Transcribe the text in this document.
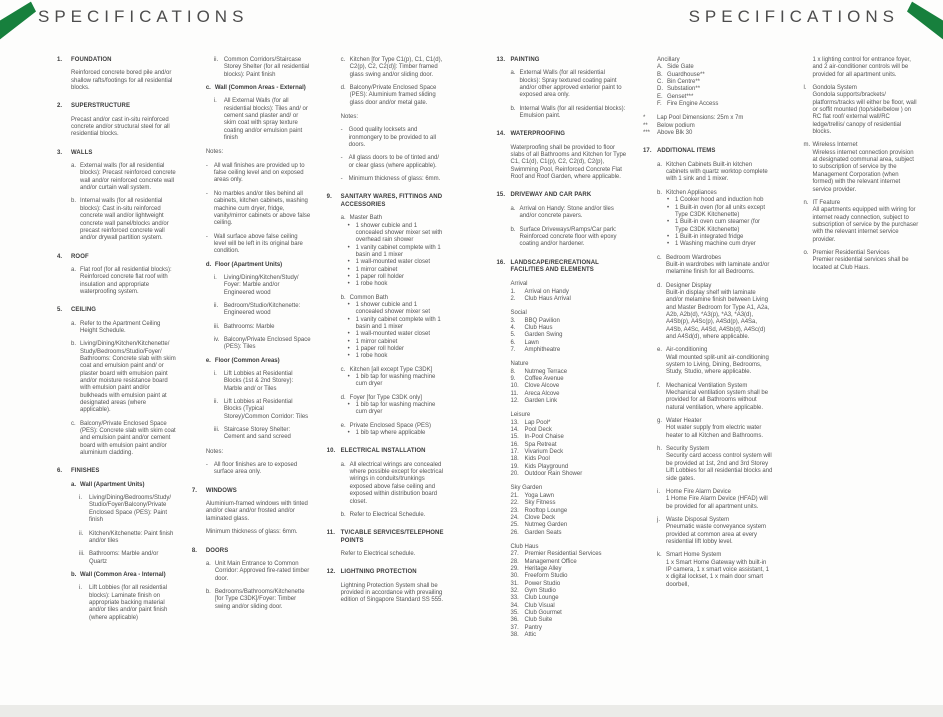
SPECIFICATIONS
1. FOUNDATION
Reinforced concrete bored pile and/or shallow rafts/footings for all residential blocks.
2. SUPERSTRUCTURE
Precast and/or cast in-situ reinforced concrete and/or structural steel for all residential blocks.
3. WALLS
a. External walls (for all residential blocks): Precast reinforced concrete wall and/or reinforced concrete wall and/or curtain wall system.
b. Internal walls (for all residential blocks): Cast in-situ reinforced concrete wall and/or lightweight concrete wall panel/blocks and/or precast reinforced concrete wall and/or drywall partition system.
4. ROOF
a. Flat roof (for all residential blocks): Reinforced concrete flat roof with insulation and appropriate waterproofing system.
5. CEILING
a. Refer to the Apartment Ceiling Height Schedule.
b. Living/Dining/Kitchen/Kitchenette/ Study/Bedrooms/Studio/Foyer/ Bathrooms: Concrete slab with skim coat and emulsion paint and/ or plaster board with emulsion paint and/or moisture resistance board with emulsion paint and/or bulkheads with emulsion paint at designated areas (where applicable).
c. Balcony/Private Enclosed Space (PES): Concrete slab with skim coat and emulsion paint and/or cement board with emulsion paint and/or aluminium cladding.
6. FINISHES
a. Wall (Apartment Units)
i. Living/Dining/Bedrooms/Study/ Studio/Foyer/Balcony/Private Enclosed Space (PES): Paint finish
ii. Kitchen/Kitchenette: Paint finish and/or tiles
iii. Bathrooms: Marble and/or Quartz
b. Wall (Common Area - Internal)
i. Lift Lobbies (for all residential blocks): Laminate finish on appropriate backing material and/or tiles and/or paint finish (where applicable)
ii. Common Corridors/Staircase Storey Shelter (for all residential blocks): Paint finish
c. Wall (Common Areas - External)
i. All External Walls (for all residential blocks): Tiles and/ or cement sand plaster and/ or skim coat with spray texture coating and/or emulsion paint finish
Notes:
- All wall finishes are provided up to false ceiling level and on exposed areas only.
- No marbles and/or tiles behind all cabinets, kitchen cabinets, washing machine cum dryer, fridge, vanity/mirror cabinets or above false ceiling.
- Wall surface above false ceiling level will be left in its original bare condition.
d. Floor (Apartment Units)
i. Living/Dining/Kitchen/Study/ Foyer: Marble and/or Engineered wood
ii. Bedroom/Studio/Kitchenette: Engineered wood
iii. Bathrooms: Marble
iv. Balcony/Private Enclosed Space (PES): Tiles
e. Floor (Common Areas)
i. Lift Lobbies at Residential Blocks (1st & 2nd Storey): Marble and/ or Tiles
ii. Lift Lobbies at Residential Blocks (Typical Storey)/Common Corridor: Tiles
iii. Staircase Storey Shelter: Cement and sand screed
Notes:
- All floor finishes are to exposed surface area only.
7. WINDOWS
Aluminium-framed windows with tinted and/or clear and/or frosted and/or laminated glass.
Minimum thickness of glass: 6mm.
8. DOORS
a. Unit Main Entrance to Common Corridor: Approved fire-rated timber door.
b. Bedrooms/Bathrooms/Kitchenette [for Type C3DK]/Foyer: Timber swing and/or sliding door.
c. Kitchen [for Type C1(p), C1, C1(d), C2(p), C2, C2(d)]: Timber framed glass swing and/or sliding door.
d. Balcony/Private Enclosed Space (PES): Aluminium framed sliding glass door and/or metal gate.
Notes:
- Good quality locksets and ironmongery to be provided to all doors.
- All glass doors to be of tinted and/ or clear glass (where applicable).
- Minimum thickness of glass: 6mm.
9. SANITARY WARES, FITTINGS AND ACCESSORIES
a. Master Bath
• 1 shower cubicle and 1 concealed shower mixer set with overhead rain shower
• 1 vanity cabinet complete with 1 basin and 1 mixer
• 1 wall-mounted water closet
• 1 mirror cabinet
• 1 paper roll holder
• 1 robe hook
b. Common Bath
• 1 shower cubicle and 1 concealed shower mixer set
• 1 vanity cabinet complete with 1 basin and 1 mixer
• 1 wall-mounted water closet
• 1 mirror cabinet
• 1 paper roll holder
• 1 robe hook
c. Kitchen [all except Type C3DK]
• 1 bib tap for washing machine cum dryer
d. Foyer [for Type C3DK only]
• 1 bib tap for washing machine cum dryer
e. Private Enclosed Space (PES)
• 1 bib tap where applicable
10. ELECTRICAL INSTALLATION
a. All electrical wirings are concealed where possible except for electrical wirings in conduits/trunkings exposed above false ceiling and exposed within distribution board closet.
b. Refer to Electrical Schedule.
11. TV/CABLE SERVICES/TELEPHONE POINTS
Refer to Electrical schedule.
12. LIGHTNING PROTECTION
Lightning Protection System shall be provided in accordance with prevailing edition of Singapore Standard SS 555.
SPECIFICATIONS
13. PAINTING
a. External Walls (for all residential blocks): Spray textured coating paint and/or other approved exterior paint to exposed area only.
b. Internal Walls (for all residential blocks): Emulsion paint.
14. WATERPROOFING
Waterproofing shall be provided to floor slabs of all Bathrooms and Kitchen for Type C1, C1(d), C1(p), C2, C2(d), C2(p), Swimming Pool, Reinforced Concrete Flat Roof and Roof Garden, where applicable.
15. DRIVEWAY AND CAR PARK
a. Arrival on Handy: Stone and/or tiles and/or concrete pavers.
b. Surface Driveways/Ramps/Car park: Reinforced concrete floor with epoxy coating and/or hardener.
16. LANDSCAPE/RECREATIONAL FACILITIES AND ELEMENTS
Arrival
1. Arrival on Handy
2. Club Haus Arrival
Social
3. BBQ Pavilion
4. Club Haus
5. Garden Swing
6. Lawn
7. Amphitheatre
Nature
8. Nutmeg Terrace
9. Coffee Avenue
10. Clove Alcove
11. Areca Alcove
12. Garden Link
Leisure
13. Lap Pool*
14. Pool Deck
15. In-Pool Chaise
16. Spa Retreat
17. Vivarium Deck
18. Kids Pool
19. Kids Playground
20. Outdoor Rain Shower
Sky Garden
21. Yoga Lawn
22. Sky Fitness
23. Rooftop Lounge
24. Clove Deck
25. Nutmeg Garden
26. Garden Seats
Club Haus
27. Premier Residential Services
28. Management Office
29. Heritage Alley
30. Freeform Studio
31. Power Studio
32. Gym Studio
33. Club Lounge
34. Club Visual
35. Club Gourmet
36. Club Suite
37. Pantry
38. Attic
Ancillary
A. Side Gate
B. Guardhouse**
C. Bin Centre**
D. Substation**
E. Genset***
F. Fire Engine Access
* Lap Pool Dimensions: 25m x 7m
** Below podium
*** Above Blk 30
17. ADDITIONAL ITEMS
a. Kitchen Cabinets Built-in kitchen cabinets with quartz worktop complete with 1 sink and 1 mixer.
b. Kitchen Appliances
• 1 Cooker hood and induction hob
• 1 Built-in oven (for all units except Type C3DK Kitchenette)
• 1 Built-in oven cum steamer (for Type C3DK Kitchenette)
• 1 Built-in integrated fridge
• 1 Washing machine cum dryer
c. Bedroom Wardrobes
Built-in wardrobes with laminate and/or melamine finish for all Bedrooms.
d. Designer Display
Built-in display shelf with laminate and/or melamine finish between Living and Master Bedroom for Type A1, A2a, A2b, A2b(d), *A3(p), *A3, *A3(d), A4Sb(p), A4Sc(p), A4Sd(p), A4Sa, A4Sb, A4Sc, A4Sd, A4Sb(d), A4Sc(d) and A4Sd(d), where applicable.
e. Air-conditioning
Wall mounted split-unit air-conditioning system to Living, Dining, Bedrooms, Study, Studio, where applicable.
f. Mechanical Ventilation System
Mechanical ventilation system shall be provided for all Bathrooms without natural ventilation, where applicable.
g. Water Heater
Hot water supply from electric water heater to all Kitchen and Bathrooms.
h. Security System
Security card access control system will be provided at 1st, 2nd and 3rd Storey Lift Lobbies for all residential blocks and side gates.
i. Home Fire Alarm Device
1 Home Fire Alarm Device (HFAD) will be provided for all apartment units.
j. Waste Disposal System
Pneumatic waste conveyance system provided at common area at every residential lift lobby level.
k. Smart Home System
1 x Smart Home Gateway with built-in IP camera, 1 x smart voice assistant, 1 x digital lockset, 1 x main door smart doorbell,
1 x lighting control for entrance foyer, and 2 air-conditioner controls will be provided for all apartment units.
l. Gondola System
Gondola supports/brackets/ platforms/tracks will either be floor, wall or soffit mounted (top/side/below ) on RC flat roof/ external wall/RC ledge/trellis/ canopy of residential blocks.
m. Wireless Internet
Wireless internet connection provision at designated communal area, subject to subscription of service by the Management Corporation (when formed) with the relevant internet service provider.
n. IT Feature
All apartments equipped with wiring for internet ready connection, subject to subscription of service by the purchaser with the relevant internet service provider.
o. Premier Residential Services
Premier residential services shall be located at Club Haus.
